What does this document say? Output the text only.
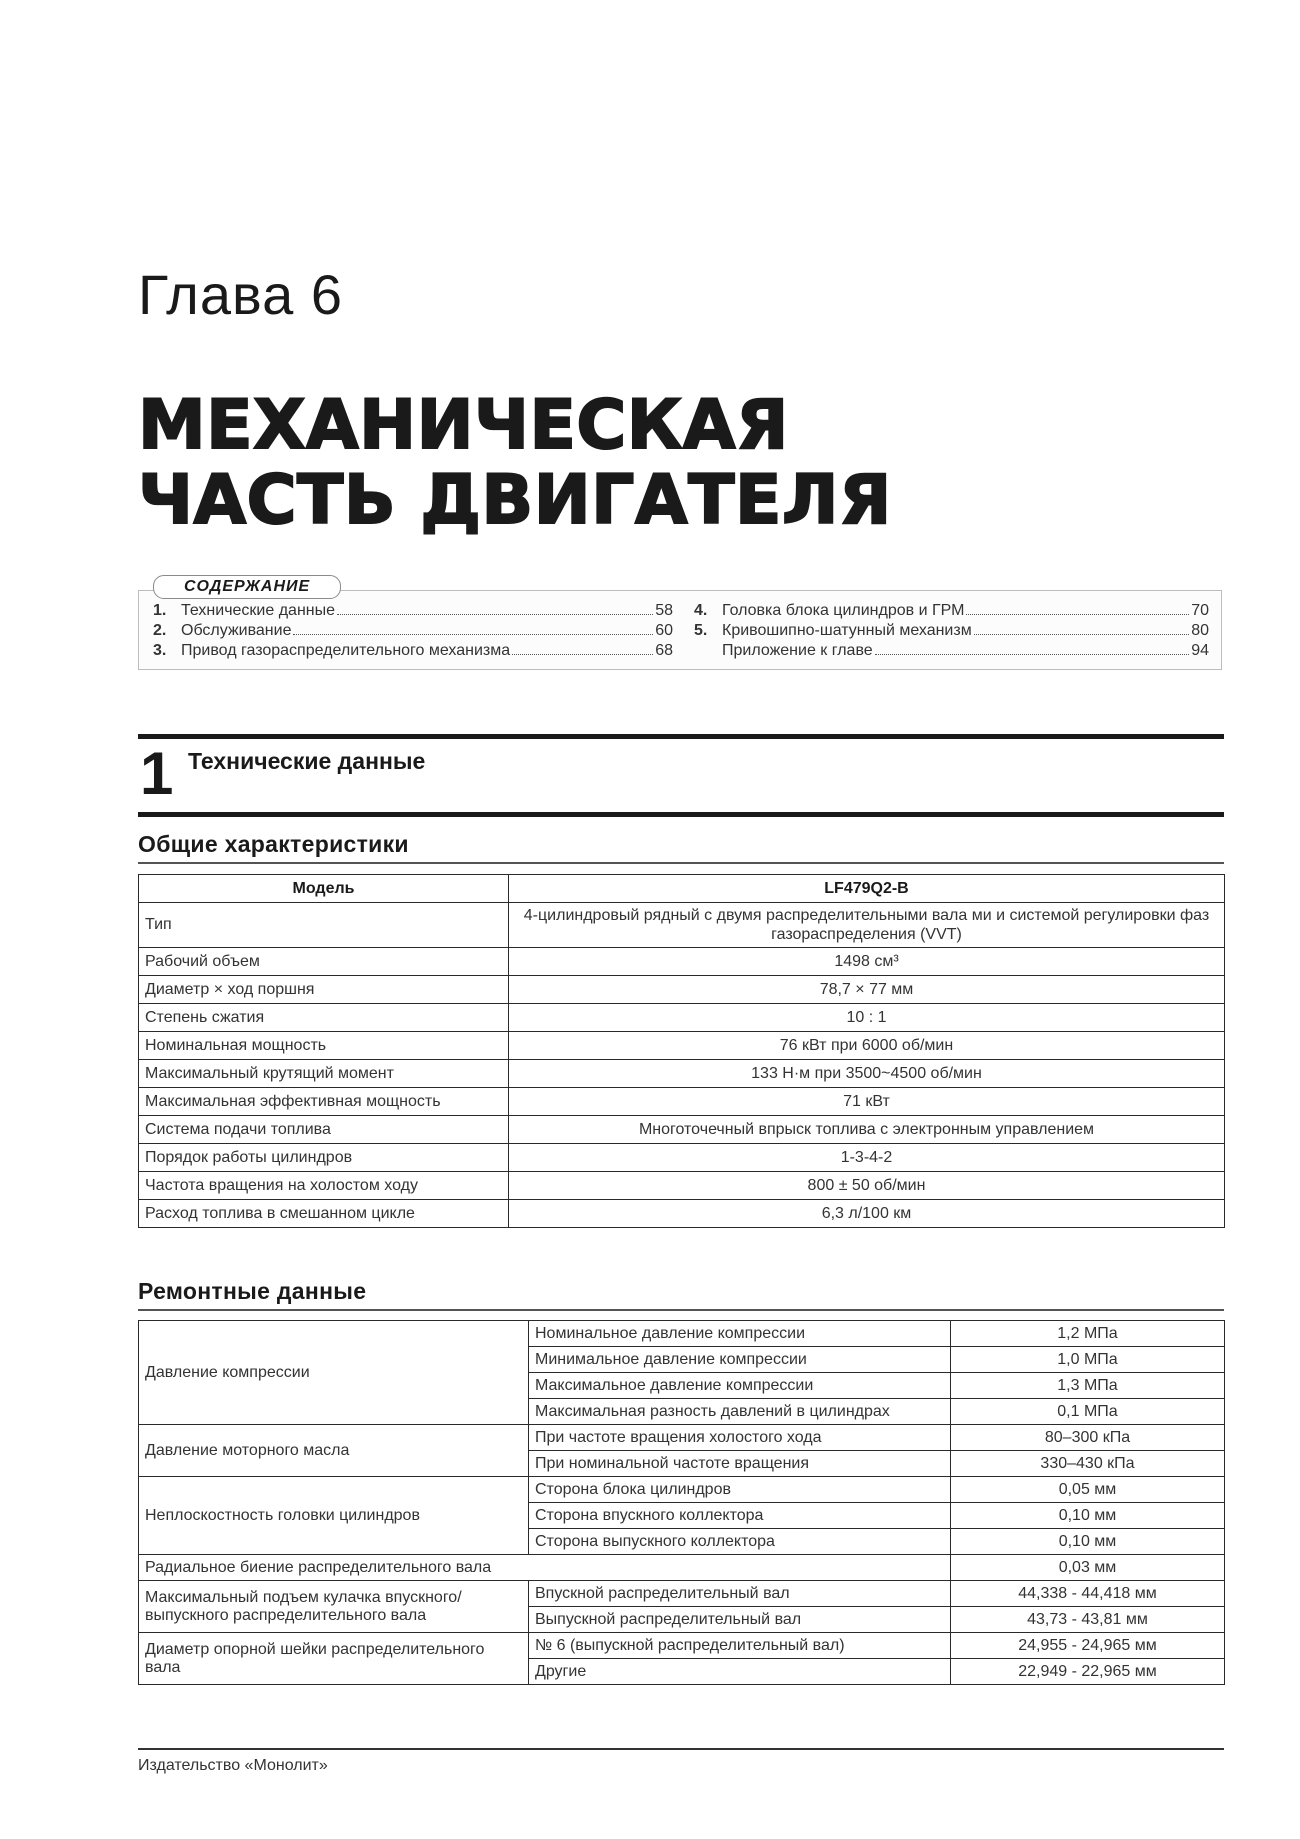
Глава 6
МЕХАНИЧЕСКАЯ
ЧАСТЬ ДВИГАТЕЛЯ
СОДЕРЖАНИЕ
1. Технические данные	58
2. Обслуживание	60
3. Привод газораспределительного механизма	68
4. Головка блока цилиндров и ГРМ	70
5. Кривошипно-шатунный механизм	80
Приложение к главе	94
1 Технические данные
Общие характеристики
Модель	LF479Q2-B
Тип	4-цилиндровый рядный с двумя распределительными вала ми и системой регулировки фаз газораспределения (VVT)
Рабочий объем	1498 см³
Диаметр × ход поршня	78,7 × 77 мм
Степень сжатия	10 : 1
Номинальная мощность	76 кВт при 6000 об/мин
Максимальный крутящий момент	133 Н·м при 3500~4500 об/мин
Максимальная эффективная мощность	71 кВт
Система подачи топлива	Многоточечный впрыск топлива с электронным управлением
Порядок работы цилиндров	1-3-4-2
Частота вращения на холостом ходу	800 ± 50 об/мин
Расход топлива в смешанном цикле	6,3 л/100 км
Ремонтные данные
Давление компрессии	Номинальное давление компрессии	1,2 МПа
	Минимальное давление компрессии	1,0 МПа
	Максимальное давление компрессии	1,3 МПа
	Максимальная разность давлений в цилиндрах	0,1 МПа
Давление моторного масла	При частоте вращения холостого хода	80–300 кПа
	При номинальной частоте вращения	330–430 кПа
Неплоскостность головки цилиндров	Сторона блока цилиндров	0,05 мм
	Сторона впускного коллектора	0,10 мм
	Сторона выпускного коллектора	0,10 мм
Радиальное биение распределительного вала		0,03 мм
Максимальный подъем кулачка впускного/ выпускного распределительного вала	Впускной распределительный вал	44,338 - 44,418 мм
	Выпускной распределительный вал	43,73 - 43,81 мм
Диаметр опорной шейки распределительного вала	№ 6 (выпускной распределительный вал)	24,955 - 24,965 мм
	Другие	22,949 - 22,965 мм
Издательство «Монолит»
